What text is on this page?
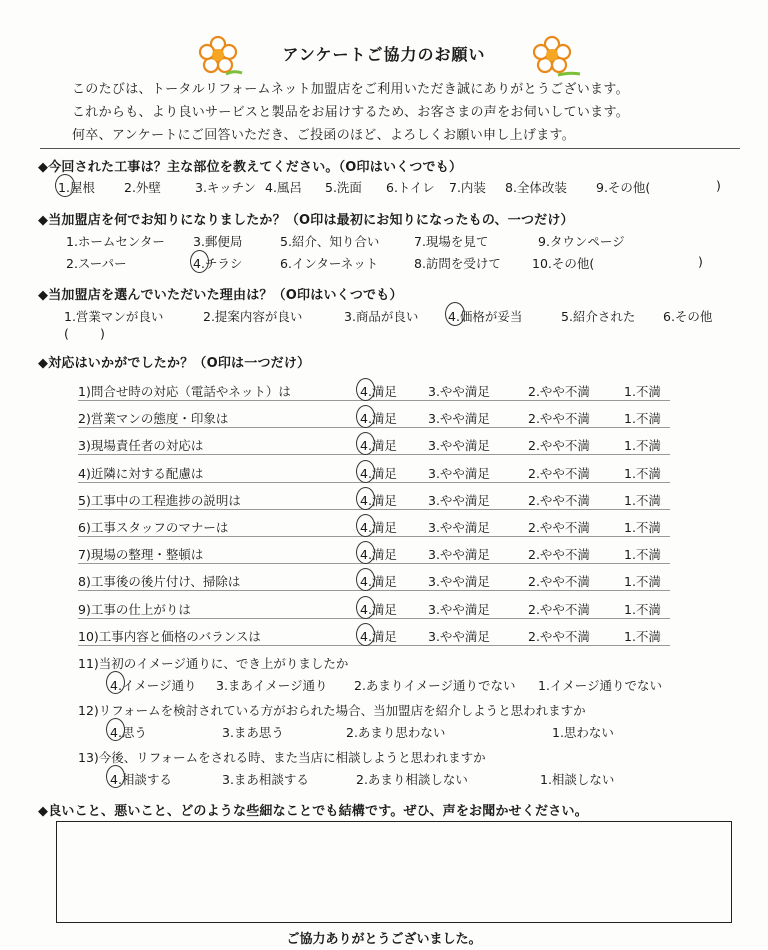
アンケートご協力のお願い
このたびは、トータルリフォームネット加盟店をご利用いただき誠にありがとうございます。
これからも、より良いサービスと製品をお届けするため、お客さまの声をお伺いしています。
何卒、アンケートにご回答いただき、ご投函のほど、よろしくお願い申し上げます。
◆今回された工事は？主な部位を教えてください。（O印はいくつでも）
1.屋根 2.外壁	3.キッチン 4.風呂 5.洗面 6.トイレ 7.内装 8.全体改装 9.その他(	)
◆当加盟店を何でお知りになりましたか？（O印は最初にお知りになったもの、一つだけ）
1.ホームセンター 3.郵便局	5.紹介、知り合い	7.現場を見て	9.タウンページ
2.スーパー	4.チラシ	6.インターネット	8.訪問を受けて 10.その他(	)
◆当加盟店を選んでいただいた理由は？（O印はいくつでも）
1.営業マンが良い	2.提案内容が良い	3.商品が良い 4.価格が妥当	5.紹介された 6.その他
( )
◆対応はいかがでしたか？（O印は一つだけ）
1)問合せ時の対応（電話やネット）は	4.満足 3.やや満足	2.やや不満	1.不満
2)営業マンの態度・印象は	4.満足 3.やや満足	2.やや不満	1.不満
3)現場責任者の対応は	4.満足 3.やや満足	2.やや不満	1.不満
4)近隣に対する配慮は	4.満足 3.やや満足	2.やや不満	1.不満
5)工事中の工程進捗の説明は	4.満足 3.やや満足	2.やや不満	1.不満
6)工事スタッフのマナーは	4.満足 3.やや満足	2.やや不満	1.不満
7)現場の整理・整頓は	4.満足 3.やや満足	2.やや不満	1.不満
8)工事後の後片付け、掃除は	4.満足 3.やや満足	2.やや不満	1.不満
9)工事の仕上がりは	4.満足 3.やや満足	2.やや不満	1.不満
10)工事内容と価格のバランスは	4.満足 3.やや満足	2.やや不満	1.不満
11)当初のイメージ通りに、でき上がりましたか
4.イメージ通り 3.まあイメージ通り 2.あまりイメージ通りでない 1.イメージ通りでない
12)リフォームを検討されている方がおられた場合、当加盟店を紹介しようと思われますか
4.思う	3.まあ思う	2.あまり思わない	1.思わない
13)今後、リフォームをされる時、また当店に相談しようと思われますか
4.相談する	3.まあ相談する	2.あまり相談しない	1.相談しない
◆良いこと、悪いこと、どのような些細なことでも結構です。ぜひ、声をお聞かせください。
ご協力ありがとうございました。
